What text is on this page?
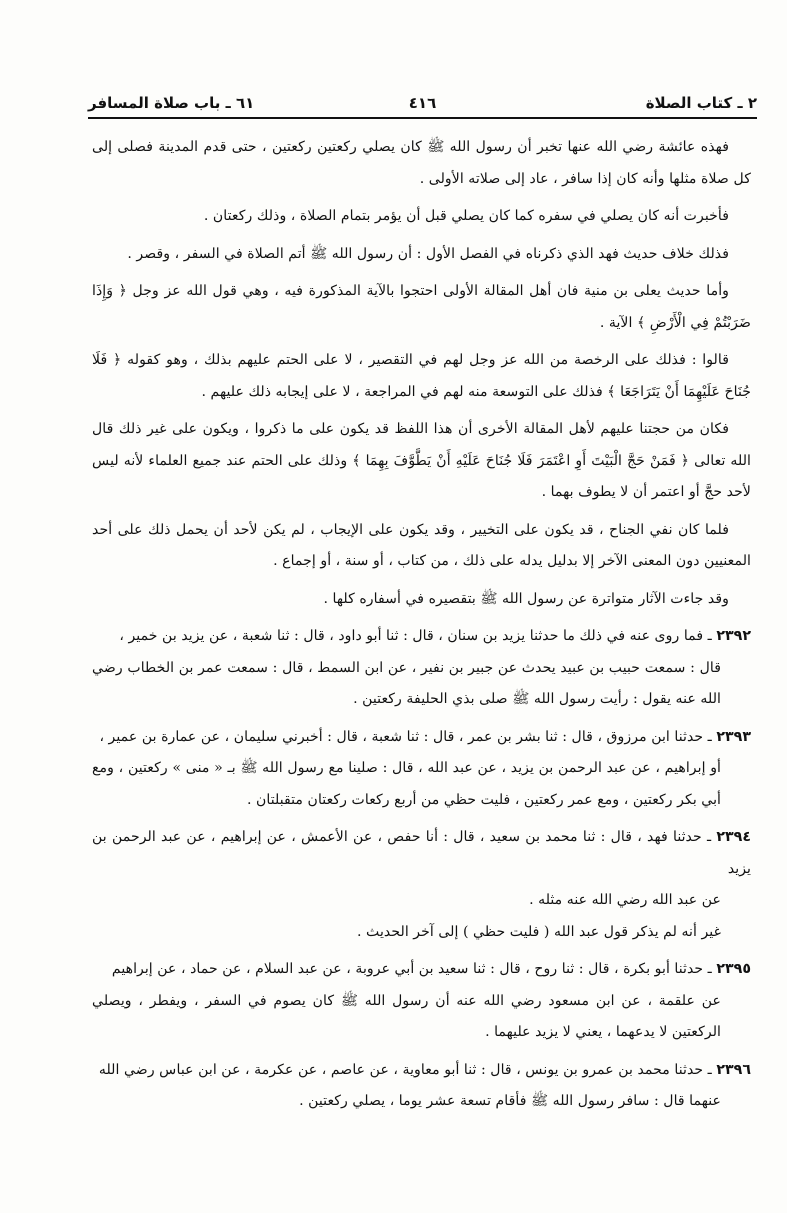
٢ ـ كتاب الصلاة
٤١٦
٦١ ـ باب صلاة المسافر

فهذه عائشة رضي الله عنها تخبر أن رسول الله ﷺ كان يصلي ركعتين ركعتين ، حتى قدم المدينة فصلى إلى كل صلاة مثلها وأنه كان إذا سافر ، عاد إلى صلاته الأولى .

فأخبرت أنه كان يصلي في سفره كما كان يصلي قبل أن يؤمر بتمام الصلاة ، وذلك ركعتان .

فذلك خلاف حديث فهد الذي ذكرناه في الفصل الأول : أن رسول الله ﷺ أتم الصلاة في السفر ، وقصر .

وأما حديث يعلى بن منية فان أهل المقالة الأولى احتجوا بالآية المذكورة فيه ، وهي قول الله عز وجل ﴿ وَإِذَا ضَرَبْتُمْ فِي الْأَرْضِ ﴾ الآية .

قالوا : فذلك على الرخصة من الله عز وجل لهم في التقصير ، لا على الحتم عليهم بذلك ، وهو كقوله ﴿ فَلَا جُنَاحَ عَلَيْهِمَا أَنْ يَتَرَاجَعَا ﴾ فذلك على التوسعة منه لهم في المراجعة ، لا على إيجابه ذلك عليهم .

فكان من حجتنا عليهم لأهل المقالة الأخرى أن هذا اللفظ قد يكون على ما ذكروا ، ويكون على غير ذلك قال الله تعالى ﴿ فَمَنْ حَجَّ الْبَيْتَ أَوِ اعْتَمَرَ فَلَا جُنَاحَ عَلَيْهِ أَنْ يَطَّوَّفَ بِهِمَا ﴾ وذلك على الحتم عند جميع العلماء لأنه ليس لأحد حجَّ أو اعتمر أن لا يطوف بهما .

فلما كان نفي الجناح ، قد يكون على التخيير ، وقد يكون على الإيجاب ، لم يكن لأحد أن يحمل ذلك على أحد المعنيين دون المعنى الآخر إلا بدليل يدله على ذلك ، من كتاب ، أو سنة ، أو إجماع .

وقد جاءت الآثار متواترة عن رسول الله ﷺ بتقصيره في أسفاره كلها .

٢٣٩٢ ـ فما روى عنه في ذلك ما حدثنا يزيد بن سنان ، قال : ثنا أبو داود ، قال : ثنا شعبة ، عن يزيد بن خمير ،
قال : سمعت حبيب بن عبيد يحدث عن جبير بن نفير ، عن ابن السمط ، قال : سمعت عمر بن الخطاب رضي الله عنه يقول : رأيت رسول الله ﷺ صلى بذي الحليفة ركعتين .
٢٣٩٣ ـ حدثنا ابن مرزوق ، قال : ثنا بشر بن عمر ، قال : ثنا شعبة ، قال : أخبرني سليمان ، عن عمارة بن عمير ،
أو إبراهيم ، عن عبد الرحمن بن يزيد ، عن عبد الله ، قال : صلينا مع رسول الله ﷺ بـ « منى » ركعتين ، ومع أبي بكر ركعتين ، ومع عمر ركعتين ، فليت حظي من أربع ركعات ركعتان متقبلتان .
٢٣٩٤ ـ حدثنا فهد ، قال : ثنا محمد بن سعيد ، قال : أنا حفص ، عن الأعمش ، عن إبراهيم ، عن عبد الرحمن بن يزيد
عن عبد الله رضي الله عنه مثله .
غير أنه لم يذكر قول عبد الله ( فليت حظي ) إلى آخر الحديث .
٢٣٩٥ ـ حدثنا أبو بكرة ، قال : ثنا روح ، قال : ثنا سعيد بن أبي عروبة ، عن عبد السلام ، عن حماد ، عن إبراهيم
عن علقمة ، عن ابن مسعود رضي الله عنه أن رسول الله ﷺ كان يصوم في السفر ، ويفطر ، ويصلي الركعتين لا يدعهما ، يعني لا يزيد عليهما .
٢٣٩٦ ـ حدثنا محمد بن عمرو بن يونس ، قال : ثنا أبو معاوية ، عن عاصم ، عن عكرمة ، عن ابن عباس رضي الله
عنهما قال : سافر رسول الله ﷺ فأقام تسعة عشر يوما ، يصلي ركعتين .
